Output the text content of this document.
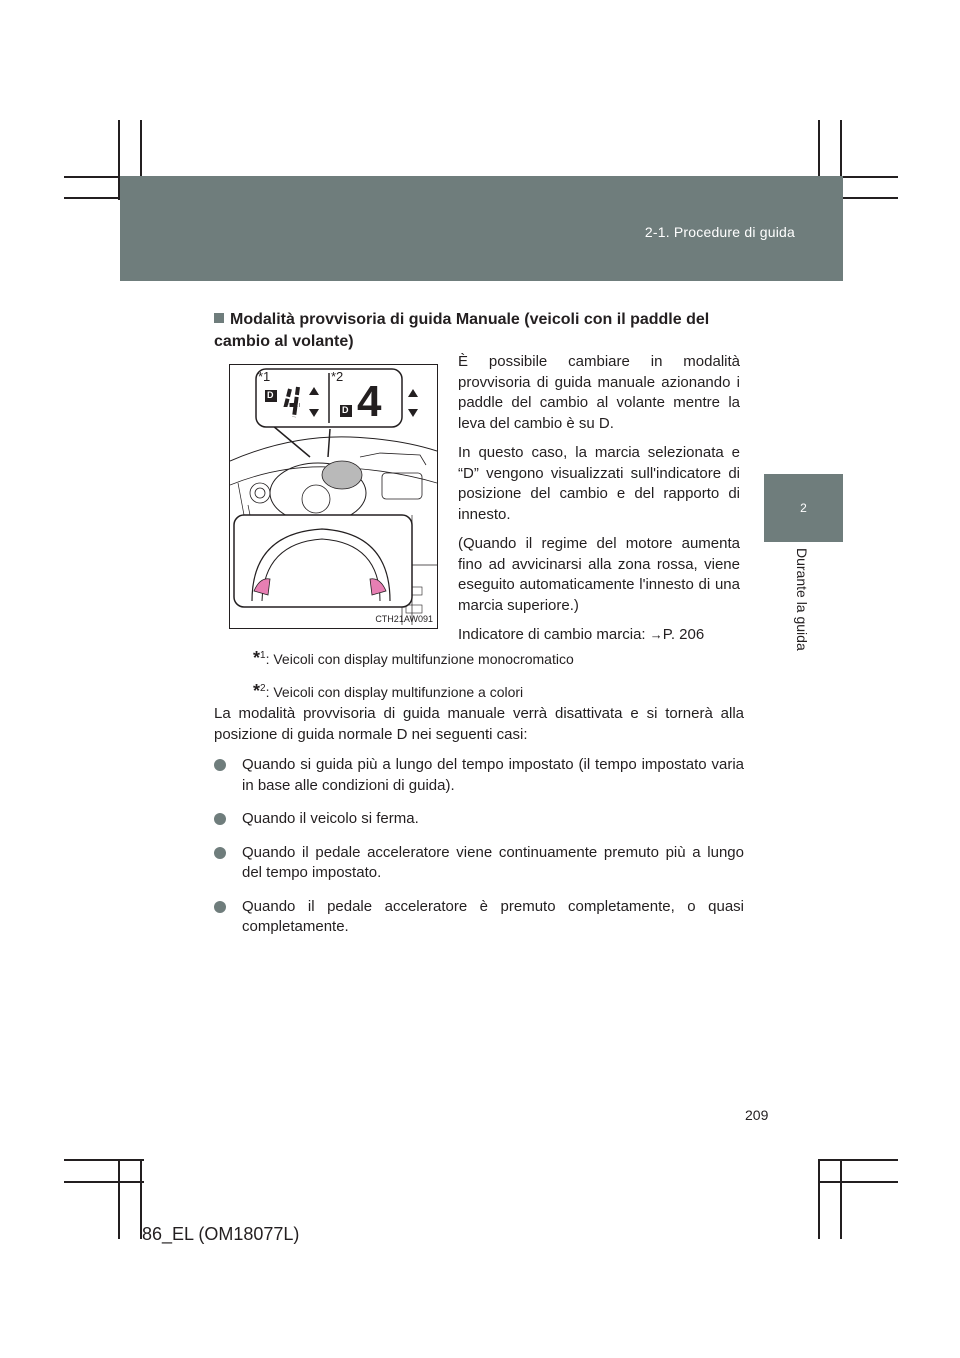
2-1. Procedure di guida
2
Durante la guida
Modalità provvisoria di guida Manuale (veicoli con il paddle del cambio al volante)
*1	*2
D
D 4
CTH21AW091

È possibile cambiare in modalità provvisoria di guida manuale azionando i paddle del cambio al volante mentre la leva del cambio è su D.

In questo caso, la marcia selezionata e “D” vengono visualizzati sull'indicatore di posizione del cambio e del rapporto di innesto.

(Quando il regime del motore aumenta fino ad avvicinarsi alla zona rossa, viene eseguito automaticamente l'innesto di una marcia superiore.)

Indicatore di cambio marcia: →P. 206

*$^1$: Veicoli con display multifunzione monocromatico
*$^2$: Veicoli con display multifunzione a colori

La modalità provvisoria di guida manuale verrà disattivata e si tornerà alla posizione di guida normale D nei seguenti casi:

Quando si guida più a lungo del tempo impostato (il tempo impostato varia in base alle condizioni di guida).
Quando il veicolo si ferma.
Quando il pedale acceleratore viene continuamente premuto più a lungo del tempo impostato.
Quando il pedale acceleratore è premuto completamente, o quasi completamente.
209
86_EL (OM18077L)
